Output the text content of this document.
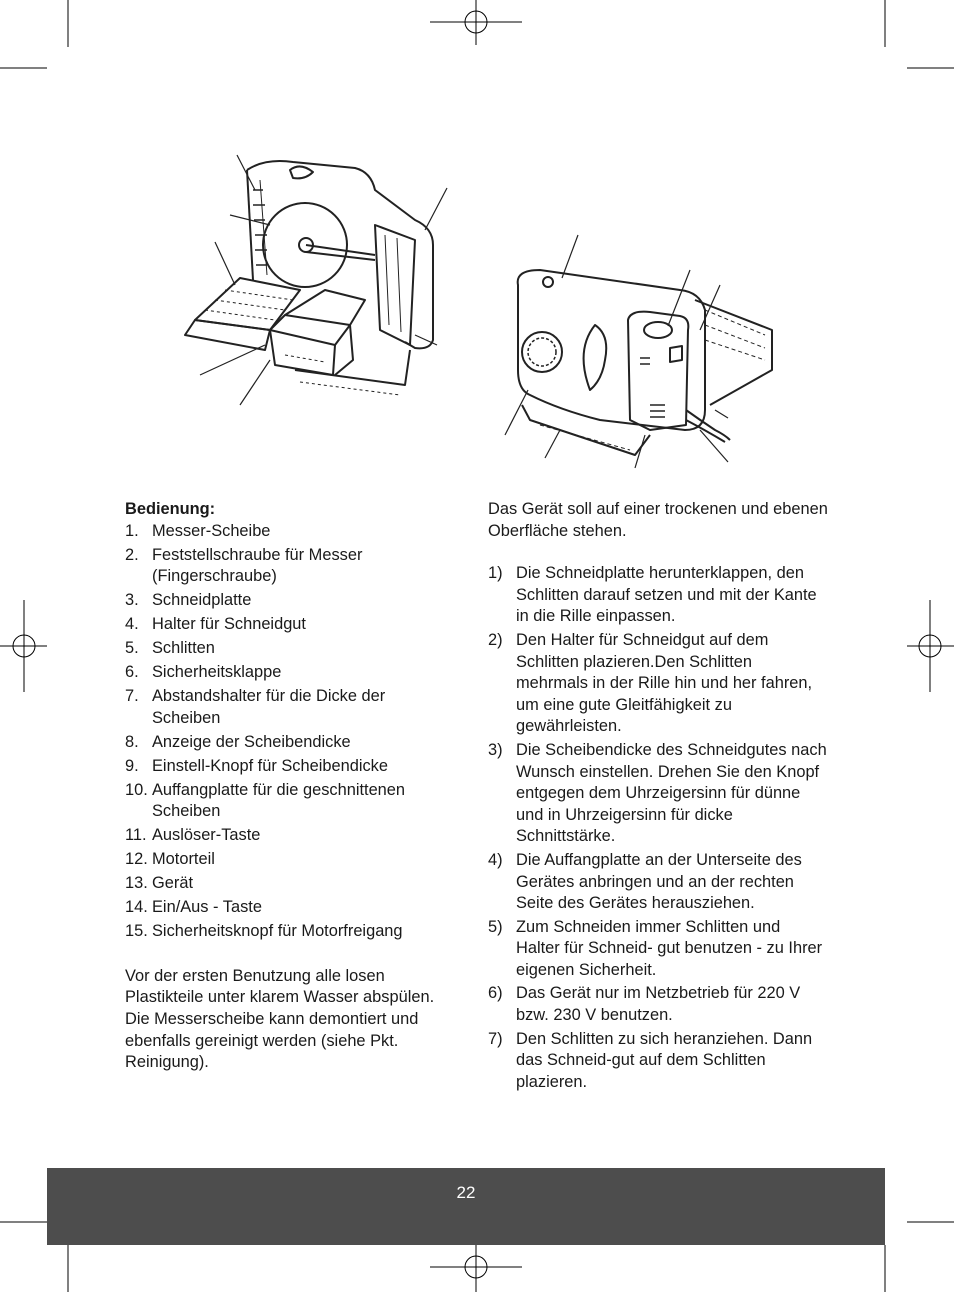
Bedienung:

1. Messer-Scheibe
2. Feststellschraube für Messer (Fingerschraube)
3. Schneidplatte
4. Halter für Schneidgut
5. Schlitten
6. Sicherheitsklappe
7. Abstandshalter für die Dicke der Scheiben
8. Anzeige der Scheibendicke
9. Einstell-Knopf für Scheibendicke
10. Auffangplatte für die geschnittenen Scheiben
11. Auslöser-Taste
12. Motorteil
13. Gerät
14. Ein/Aus - Taste
15. Sicherheitsknopf für Motorfreigang

Vor der ersten Benutzung alle losen Plastikteile unter klarem Wasser abspülen. Die Messerscheibe kann demontiert und ebenfalls gereinigt werden (siehe Pkt. Reinigung).

Das Gerät soll auf einer trockenen und ebenen Oberfläche stehen.

1) Die Schneidplatte herunterklappen, den Schlitten darauf setzen und mit der Kante in die Rille einpassen.
2) Den Halter für Schneidgut auf dem Schlitten plazieren.Den Schlitten mehrmals in der Rille hin und her fahren, um eine gute Gleitfähigkeit zu gewährleisten.
3) Die Scheibendicke des Schneidgutes nach Wunsch einstellen. Drehen Sie den Knopf entgegen dem Uhrzeigersinn für dünne und in Uhrzeigersinn für dicke Schnittstärke.
4) Die Auffangplatte an der Unterseite des Gerätes anbringen und an der rechten Seite des Gerätes herausziehen.
5) Zum Schneiden immer Schlitten und Halter für Schneid- gut benutzen - zu Ihrer eigenen Sicherheit.
6) Das Gerät nur im Netzbetrieb für 220 V bzw. 230 V benutzen.
7) Den Schlitten zu sich heranziehen. Dann das Schneid-gut auf dem Schlitten plazieren.
22
